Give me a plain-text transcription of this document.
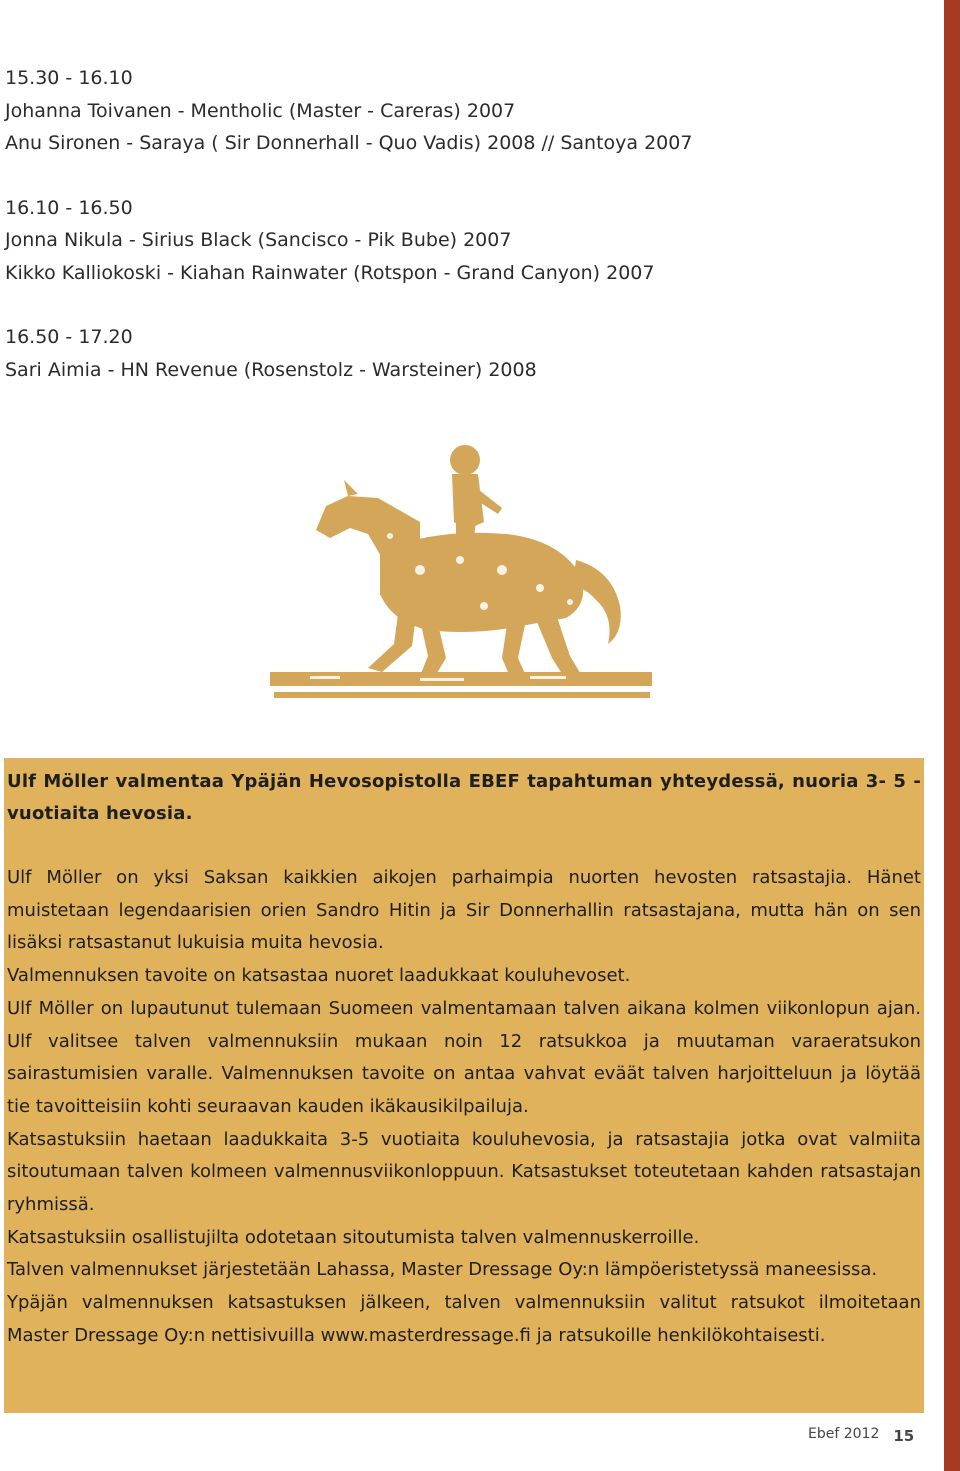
15.30 - 16.10
Johanna Toivanen - Mentholic (Master - Careras) 2007
Anu Sironen - Saraya ( Sir Donnerhall - Quo Vadis) 2008 // Santoya 2007
16.10 - 16.50
Jonna Nikula - Sirius Black (Sancisco - Pik Bube) 2007
Kikko Kalliokoski - Kiahan Rainwater (Rotspon - Grand Canyon) 2007
16.50 - 17.20
Sari Aimia - HN Revenue (Rosenstolz - Warsteiner) 2008
Ulf Möller valmentaa Ypäjän Hevosopistolla EBEF tapahtuman yhteydessä, nuoria 3- 5 -vuotiaita hevosia.

Ulf Möller on yksi Saksan kaikkien aikojen parhaimpia nuorten hevosten ratsastajia. Hänet muistetaan legendaarisien orien Sandro Hitin ja Sir Donnerhallin ratsastajana, mutta hän on sen lisäksi ratsastanut lukuisia muita hevosia.

Valmennuksen tavoite on katsastaa nuoret laadukkaat kouluhevoset.

Ulf Möller on lupautunut tulemaan Suomeen valmentamaan talven aikana kolmen viikonlopun ajan. Ulf valitsee talven valmennuksiin mukaan noin 12 ratsukkoa ja muutaman varaeratsukon sairastumisien varalle. Valmennuksen tavoite on antaa vahvat eväät talven harjoitteluun ja löytää tie tavoitteisiin kohti seuraavan kauden ikäkausikilpailuja.

Katsastuksiin haetaan laadukkaita 3-5 vuotiaita kouluhevosia, ja ratsastajia jotka ovat valmiita sitoutumaan talven kolmeen valmennusviikonloppuun. Katsastukset toteutetaan kahden ratsastajan ryhmissä.

Katsastuksiin osallistujilta odotetaan sitoutumista talven valmennuskerroille.

Talven valmennukset järjestetään Lahassa, Master Dressage Oy:n lämpöeristetyssä maneesissa.

Ypäjän valmennuksen katsastuksen jälkeen, talven valmennuksiin valitut ratsukot ilmoitetaan Master Dressage Oy:n nettisivuilla www.masterdressage.fi ja ratsukoille henkilökohtaisesti.

Ebef 2012 15
